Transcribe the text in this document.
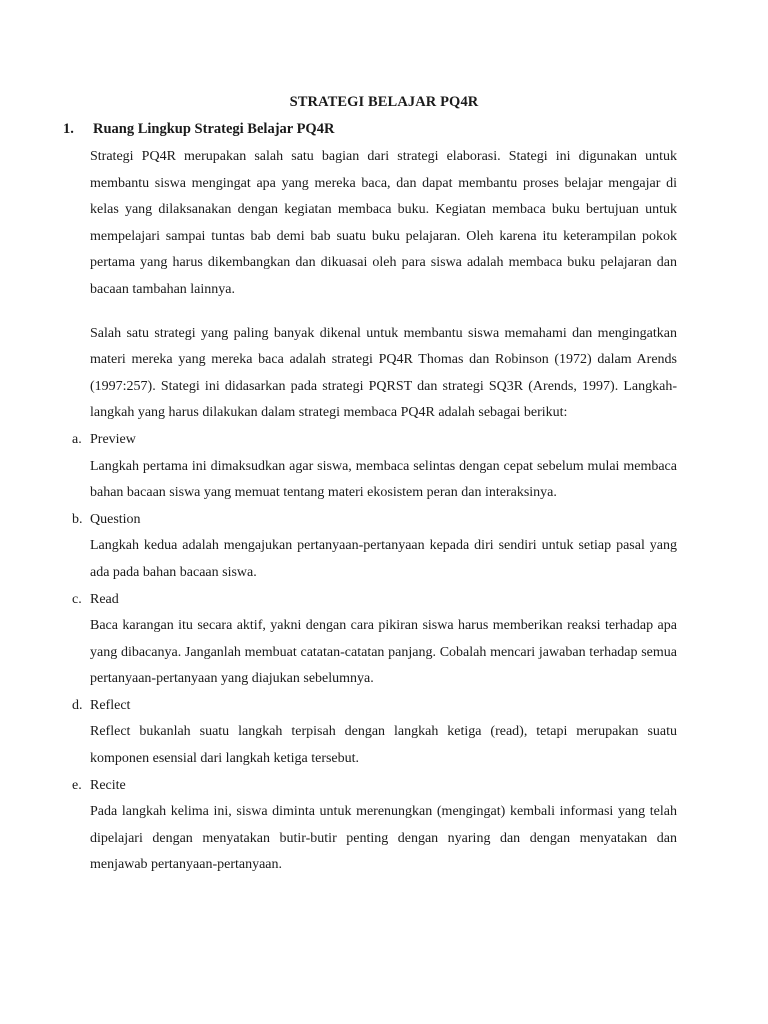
STRATEGI BELAJAR PQ4R
1. Ruang Lingkup Strategi Belajar PQ4R

Strategi PQ4R merupakan salah satu bagian dari strategi elaborasi. Stategi ini digunakan untuk membantu siswa mengingat apa yang mereka baca, dan dapat membantu proses belajar mengajar di kelas yang dilaksanakan dengan kegiatan membaca buku. Kegiatan membaca buku bertujuan untuk mempelajari sampai tuntas bab demi bab suatu buku pelajaran. Oleh karena itu keterampilan pokok pertama yang harus dikembangkan dan dikuasai oleh para siswa adalah membaca buku pelajaran dan bacaan tambahan lainnya.

Salah satu strategi yang paling banyak dikenal untuk membantu siswa memahami dan mengingatkan materi mereka yang mereka baca adalah strategi PQ4R Thomas dan Robinson (1972) dalam Arends (1997:257). Stategi ini didasarkan pada strategi PQRST dan strategi SQ3R (Arends, 1997). Langkah-langkah yang harus dilakukan dalam strategi membaca PQ4R adalah sebagai berikut:

a. Preview

Langkah pertama ini dimaksudkan agar siswa, membaca selintas dengan cepat sebelum mulai membaca bahan bacaan siswa yang memuat tentang materi ekosistem peran dan interaksinya.

b. Question

Langkah kedua adalah mengajukan pertanyaan-pertanyaan kepada diri sendiri untuk setiap pasal yang ada pada bahan bacaan siswa.

c. Read

Baca karangan itu secara aktif, yakni dengan cara pikiran siswa harus memberikan reaksi terhadap apa yang dibacanya. Janganlah membuat catatan-catatan panjang. Cobalah mencari jawaban terhadap semua pertanyaan-pertanyaan yang diajukan sebelumnya.

d. Reflect

Reflect bukanlah suatu langkah terpisah dengan langkah ketiga (read), tetapi merupakan suatu komponen esensial dari langkah ketiga tersebut.

e. Recite

Pada langkah kelima ini, siswa diminta untuk merenungkan (mengingat) kembali informasi yang telah dipelajari dengan menyatakan butir-butir penting dengan nyaring dan dengan menyatakan dan menjawab pertanyaan-pertanyaan.
